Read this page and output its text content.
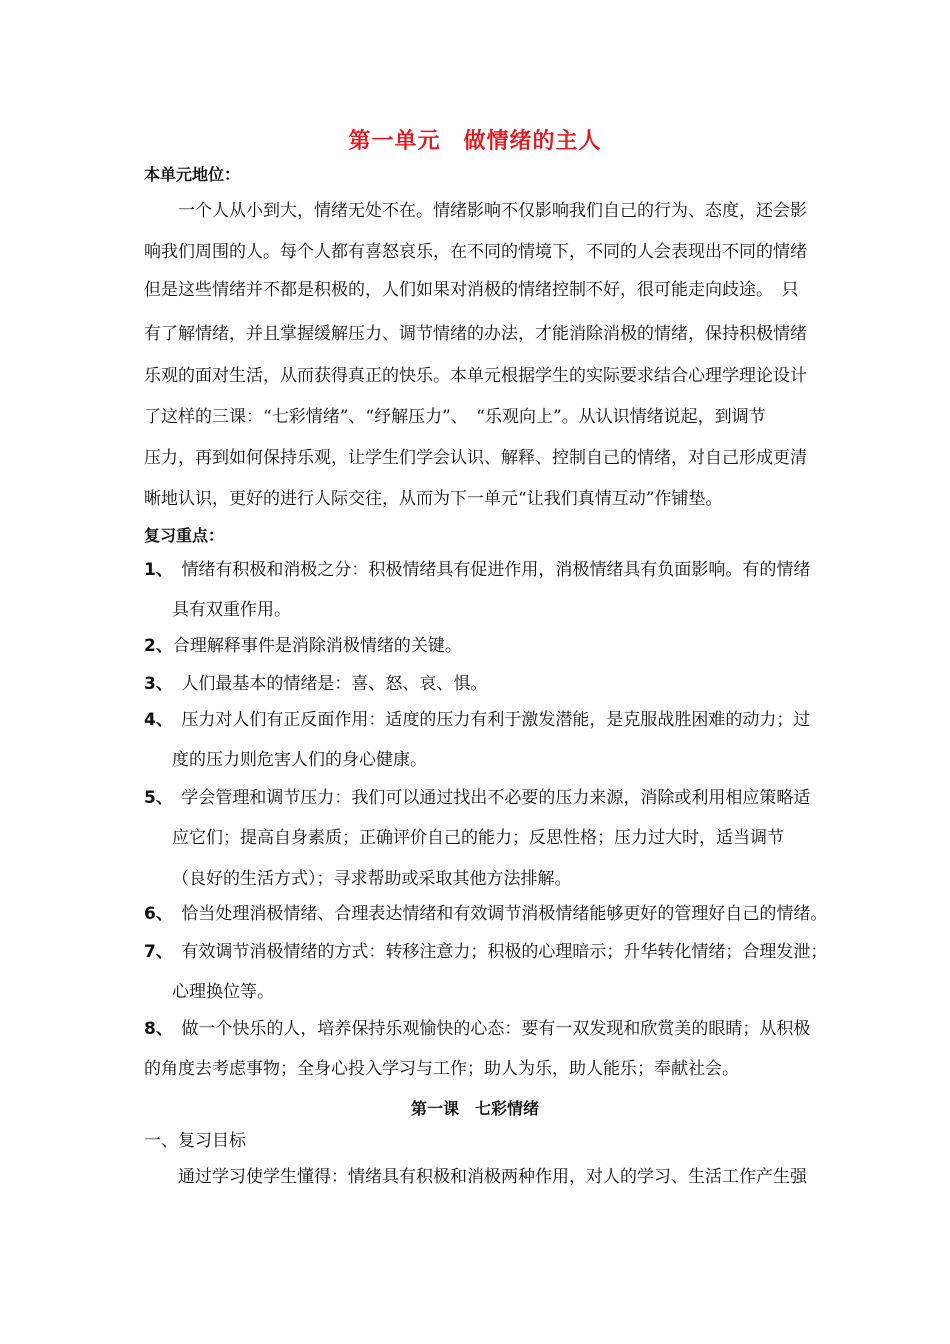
第一单元　做情绪的主人
本单元地位：
　　一个人从小到大，情绪无处不在。情绪影响不仅影响我们自己的行为、态度，还会影
响我们周围的人。每个人都有喜怒哀乐，在不同的情境下，不同的人会表现出不同的情绪
但是这些情绪并不都是积极的，人们如果对消极的情绪控制不好，很可能走向歧途。　只
有了解情绪，并且掌握缓解压力、调节情绪的办法，才能消除消极的情绪，保持积极情绪
乐观的面对生活，从而获得真正的快乐。本单元根据学生的实际要求结合心理学理论设计
了这样的三课：“七彩情绪”、“纾解压力”、　“乐观向上”。从认识情绪说起，到调节
压力，再到如何保持乐观，让学生们学会认识、解释、控制自己的情绪，对自己形成更清
晰地认识，更好的进行人际交往，从而为下一单元“让我们真情互动”作铺垫。
复习重点：
1、　情绪有积极和消极之分：积极情绪具有促进作用，消极情绪具有负面影响。有的情绪
具有双重作用。
2、合理解释事件是消除消极情绪的关键。
3、　人们最基本的情绪是：喜、怒、哀、惧。
4、　压力对人们有正反面作用：适度的压力有利于激发潜能，是克服战胜困难的动力；过
度的压力则危害人们的身心健康。
5、　学会管理和调节压力：我们可以通过找出不必要的压力来源，消除或利用相应策略适
应它们；提高自身素质；正确评价自己的能力；反思性格；压力过大时，适当调节
（良好的生活方式）；寻求帮助或采取其他方法排解。
6、　恰当处理消极情绪、合理表达情绪和有效调节消极情绪能够更好的管理好自己的情绪。
7、　有效调节消极情绪的方式：转移注意力；积极的心理暗示；升华转化情绪；合理发泄；
心理换位等。
8、　做一个快乐的人，培养保持乐观愉快的心态：要有一双发现和欣赏美的眼睛；从积极
的角度去考虑事物；全身心投入学习与工作；助人为乐，助人能乐；奉献社会。
第一课　七彩情绪
一、复习目标
　　通过学习使学生懂得：情绪具有积极和消极两种作用，对人的学习、生活工作产生强
